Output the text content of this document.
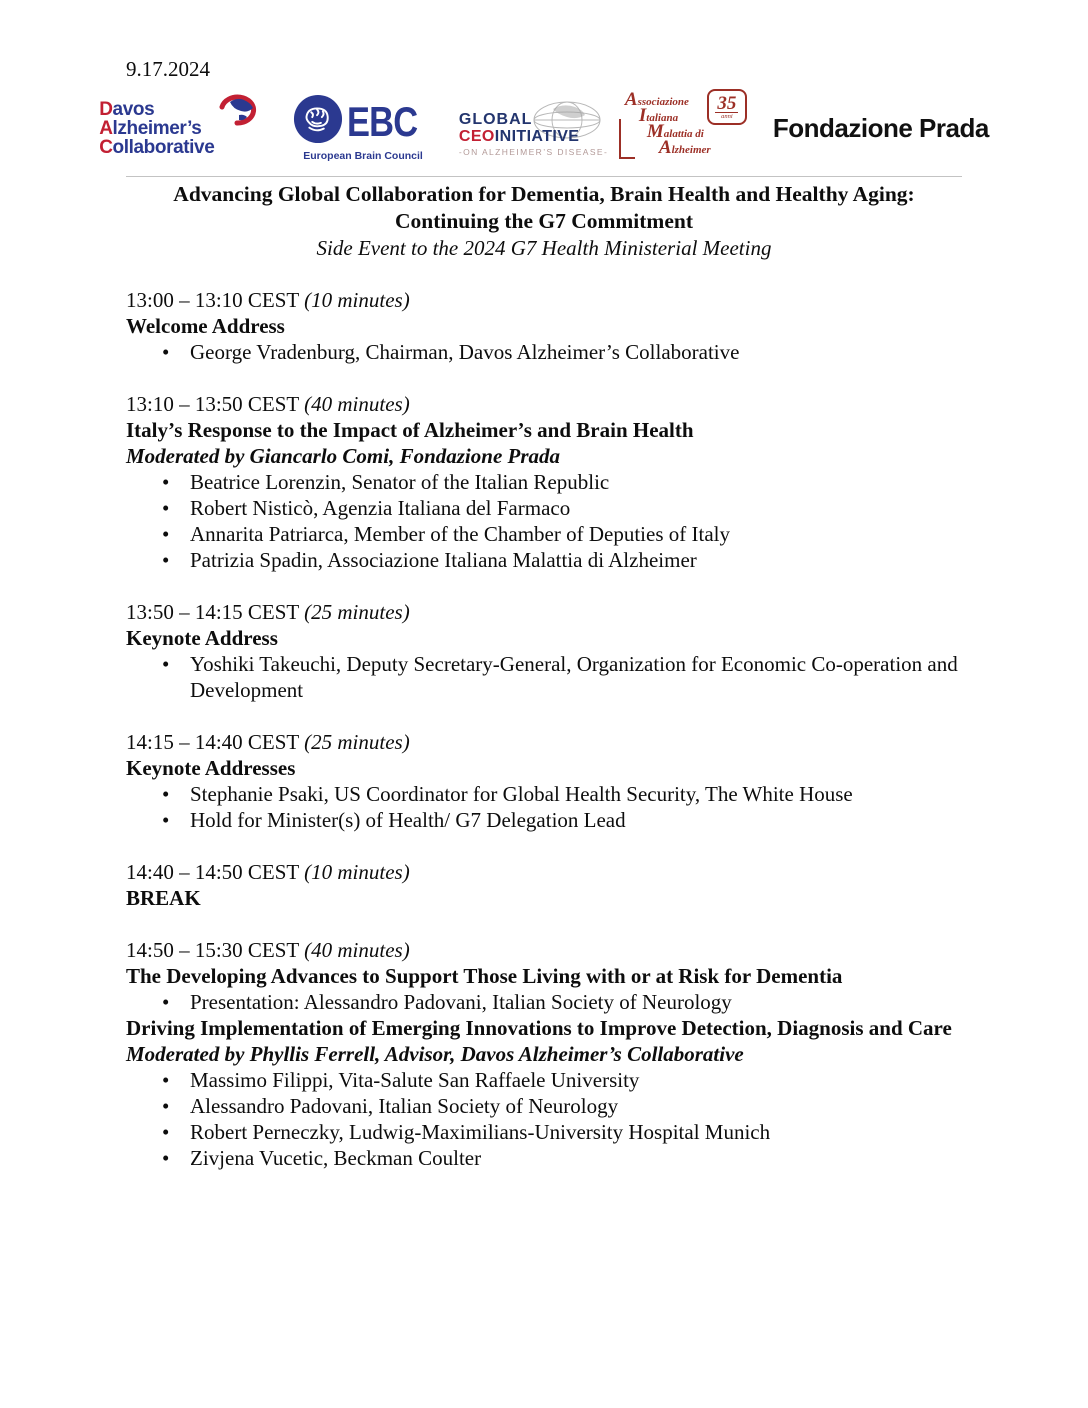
9.17.2024
Davos
Alzheimer’s
Collaborative
EBC
European Brain Council
GLOBAL
CEOINITIATIVE
-ON ALZHEIMER’S DISEASE-
Associazione
Italiana
Malattia di
Alzheimer
35
anni Fondazione Prada

Advancing Global Collaboration for Dementia, Brain Health and Healthy Aging:

Continuing the G7 Commitment

Side Event to the 2024 G7 Health Ministerial Meeting

13:00 – 13:10 CEST (10 minutes)

Welcome Address

• George Vradenburg, Chairman, Davos Alzheimer’s Collaborative

13:10 – 13:50 CEST (40 minutes)

Italy’s Response to the Impact of Alzheimer’s and Brain Health

Moderated by Giancarlo Comi, Fondazione Prada

• Beatrice Lorenzin, Senator of the Italian Republic
• Robert Nisticò, Agenzia Italiana del Farmaco
• Annarita Patriarca, Member of the Chamber of Deputies of Italy
• Patrizia Spadin, Associazione Italiana Malattia di Alzheimer

13:50 – 14:15 CEST (25 minutes)

Keynote Address

• Yoshiki Takeuchi, Deputy Secretary-General, Organization for Economic Co-operation and Development

14:15 – 14:40 CEST (25 minutes)

Keynote Addresses

• Stephanie Psaki, US Coordinator for Global Health Security, The White House
• Hold for Minister(s) of Health/ G7 Delegation Lead

14:40 – 14:50 CEST (10 minutes)

BREAK

14:50 – 15:30 CEST (40 minutes)

The Developing Advances to Support Those Living with or at Risk for Dementia

• Presentation: Alessandro Padovani, Italian Society of Neurology

Driving Implementation of Emerging Innovations to Improve Detection, Diagnosis and Care

Moderated by Phyllis Ferrell, Advisor, Davos Alzheimer’s Collaborative

• Massimo Filippi, Vita-Salute San Raffaele University
• Alessandro Padovani, Italian Society of Neurology
• Robert Perneczky, Ludwig-Maximilians-University Hospital Munich
• Zivjena Vucetic, Beckman Coulter
